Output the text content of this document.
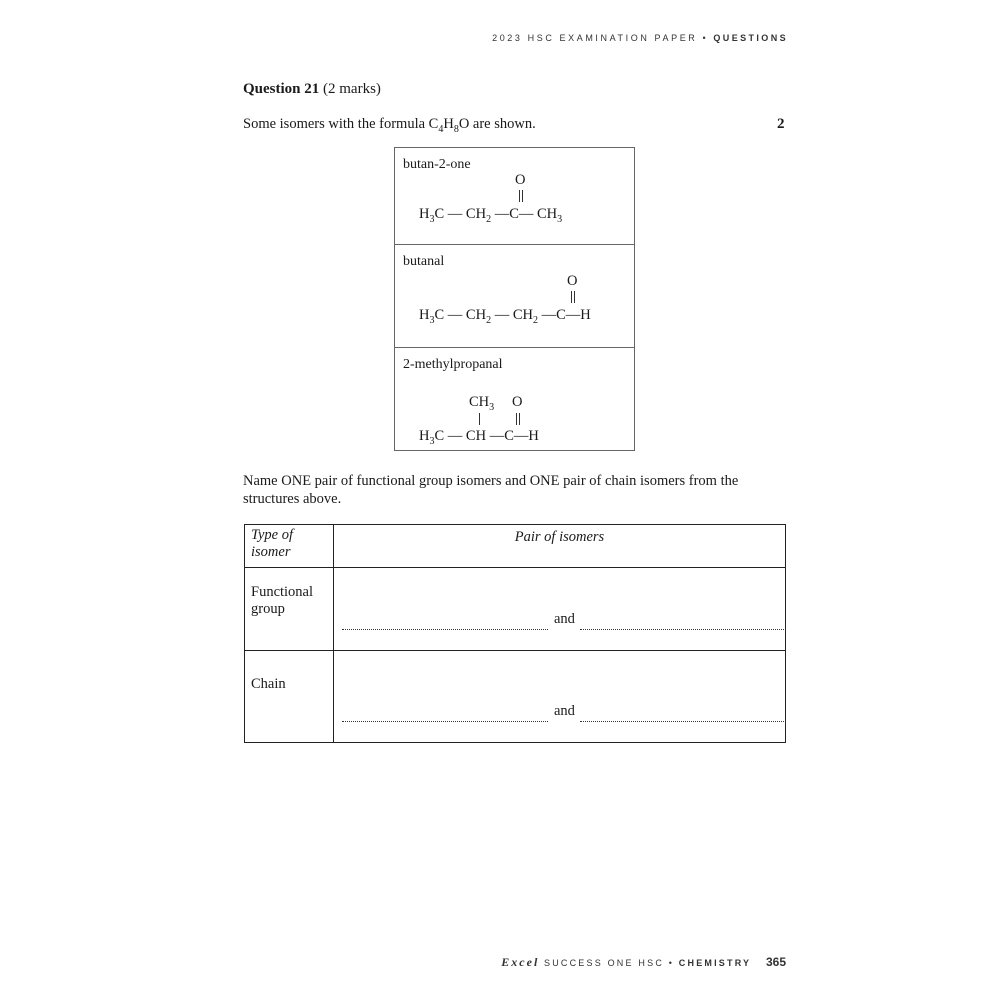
2023 HSC EXAMINATION PAPER • QUESTIONS
Question 21 (2 marks)
Some isomers with the formula $C_4H_8O$ are shown.	2
butan-2-one
O
$H_3C$ — $CH_2$ —C— $CH_3$
butanal
O
$H_3C$ — $CH_2$ — $CH_2$ —C—H
2-methylpropanal
$CH_3$ O
$H_3C$ — CH —C—H
Name ONE pair of functional group isomers and ONE pair of chain isomers from the structures above.
Type of isomer	Pair of isomers
Functional group	and

Chain	and
Excel SUCCESS ONE HSC • CHEMISTRY 365
